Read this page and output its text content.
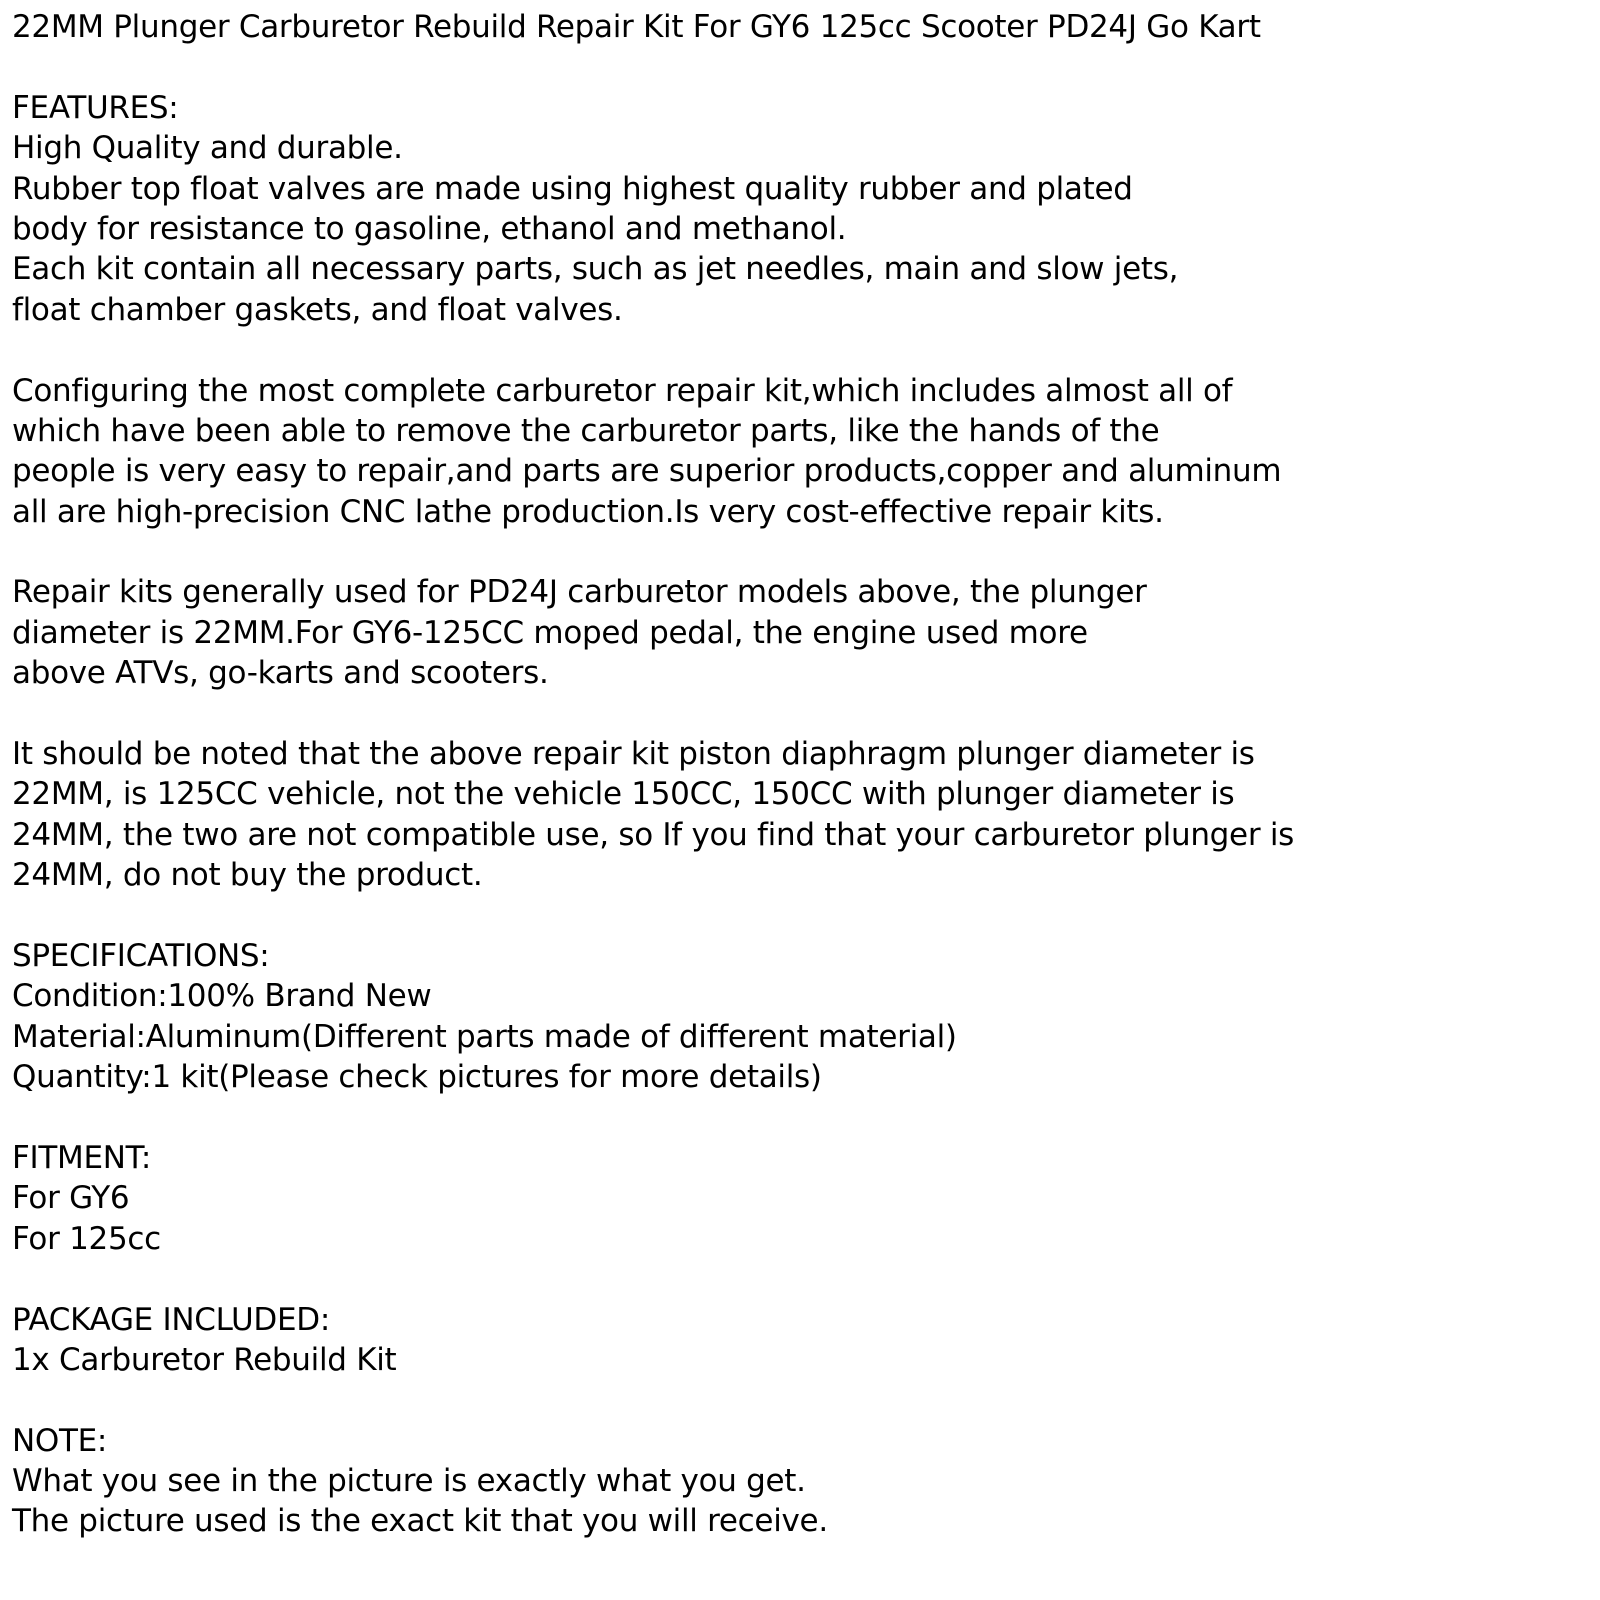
22MM Plunger Carburetor Rebuild Repair Kit For GY6 125cc Scooter PD24J Go Kart
FEATURES:
High Quality and durable.
Rubber top float valves are made using highest quality rubber and plated
body for resistance to gasoline, ethanol and methanol.
Each kit contain all necessary parts, such as jet needles, main and slow jets,
float chamber gaskets, and float valves.
Configuring the most complete carburetor repair kit,which includes almost all of
which have been able to remove the carburetor parts, like the hands of the
people is very easy to repair,and parts are superior products,copper and aluminum
all are high-precision CNC lathe production.Is very cost-effective repair kits.
Repair kits generally used for PD24J carburetor models above, the plunger
diameter is 22MM.For GY6-125CC moped pedal, the engine used more
above ATVs, go-karts and scooters.
It should be noted that the above repair kit piston diaphragm plunger diameter is
22MM, is 125CC vehicle, not the vehicle 150CC, 150CC with plunger diameter is
24MM, the two are not compatible use, so If you find that your carburetor plunger is
24MM, do not buy the product.
SPECIFICATIONS:
Condition:100% Brand New
Material:Aluminum(Different parts made of different material)
Quantity:1 kit(Please check pictures for more details)
FITMENT:
For GY6
For 125cc
PACKAGE INCLUDED:
1x Carburetor Rebuild Kit
NOTE:
What you see in the picture is exactly what you get.
The picture used is the exact kit that you will receive.
